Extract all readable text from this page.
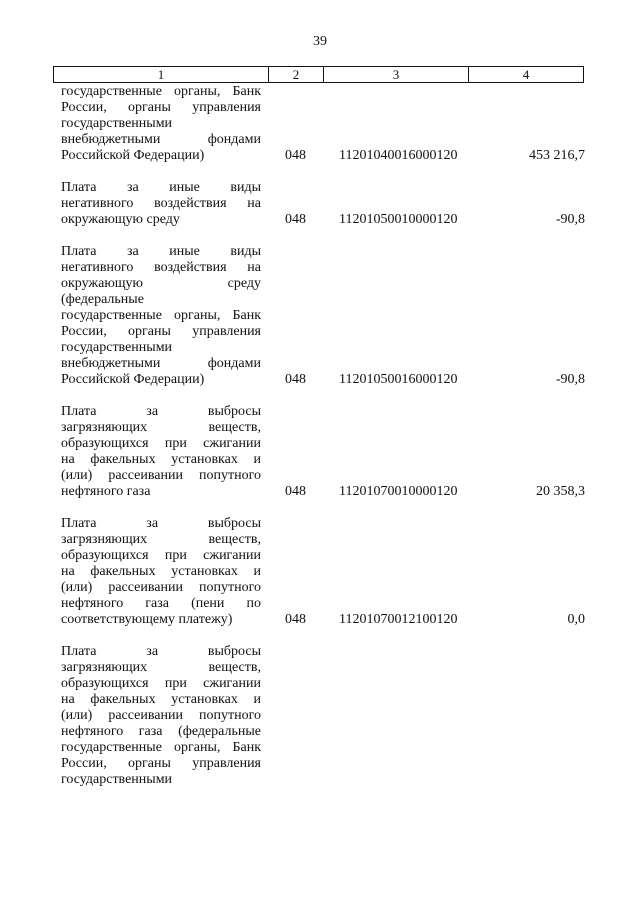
39
1	2	3	4
государственные органы, Банк
России, органы управления
государственными
внебюджетными фондами
Российской Федерации)	048 11201040016000120	453 216,7
Плата за иные виды
негативного воздействия на
окружающую среду	048 11201050010000120	-90,8
Плата за иные виды
негативного воздействия на
окружающую среду
(федеральные
государственные органы, Банк
России, органы управления
государственными
внебюджетными фондами
Российской Федерации)	048 11201050016000120	-90,8
Плата за выбросы
загрязняющих веществ,
образующихся при сжигании
на факельных установках и
(или) рассеивании попутного
нефтяного газа	048 11201070010000120	20 358,3
Плата за выбросы
загрязняющих веществ,
образующихся при сжигании
на факельных установках и
(или) рассеивании попутного
нефтяного газа (пени по
соответствующему платежу)	048 11201070012100120	0,0
Плата за выбросы
загрязняющих веществ,
образующихся при сжигании
на факельных установках и
(или) рассеивании попутного
нефтяного газа (федеральные
государственные органы, Банк
России, органы управления
государственными
